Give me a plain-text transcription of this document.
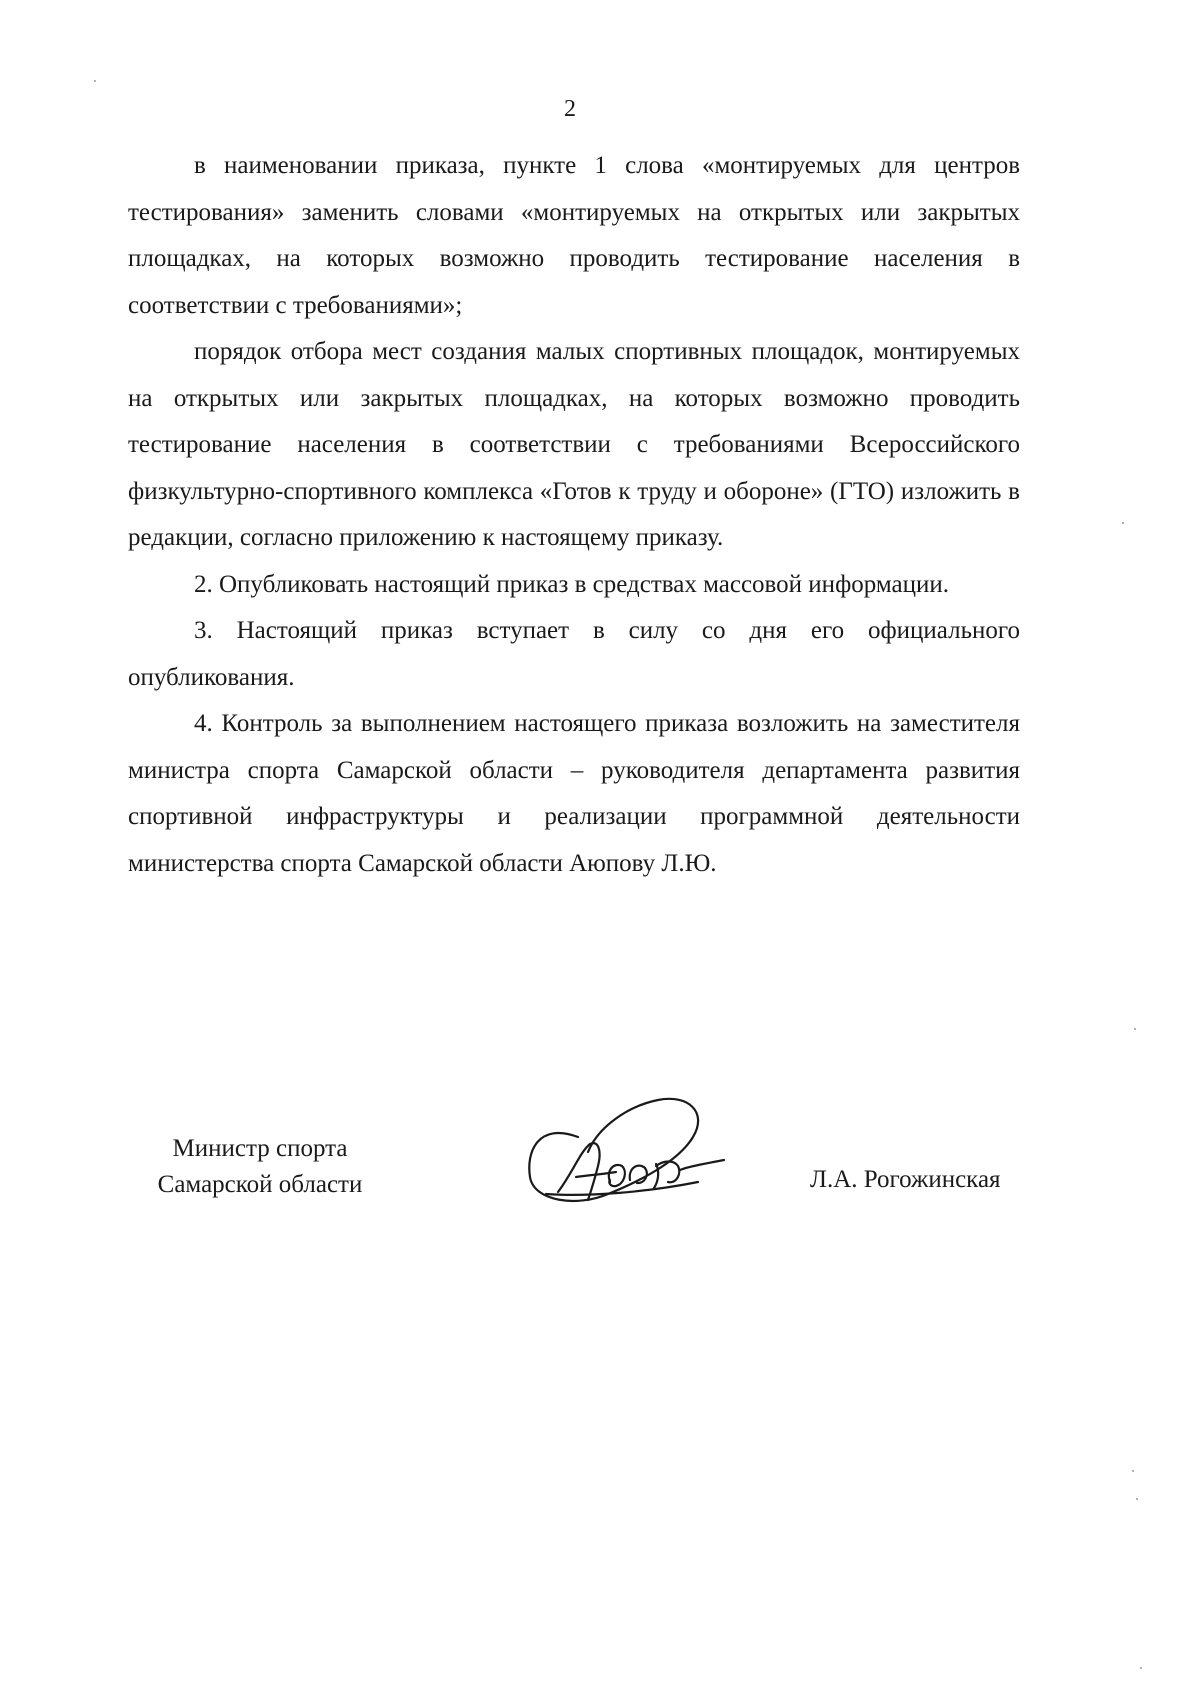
2

в наименовании приказа, пункте 1 слова «монтируемых для центров тестирования» заменить словами «монтируемых на открытых или закрытых площадках, на которых возможно проводить тестирование населения в соответствии с требованиями»;

порядок отбора мест создания малых спортивных площадок, монтируемых на открытых или закрытых площадках, на которых возможно проводить тестирование населения в соответствии с требованиями Всероссийского физкультурно-спортивного комплекса «Готов к труду и обороне» (ГТО) изложить в редакции, согласно приложению к настоящему приказу.

2. Опубликовать настоящий приказ в средствах массовой информации.

3. Настоящий приказ вступает в силу со дня его официального опубликования.

4. Контроль за выполнением настоящего приказа возложить на заместителя министра спорта Самарской области – руководителя департамента развития спортивной инфраструктуры и реализации программной деятельности министерства спорта Самарской области Аюпову Л.Ю.

Министр спорта
Самарской области	Л.А. Рогожинская
